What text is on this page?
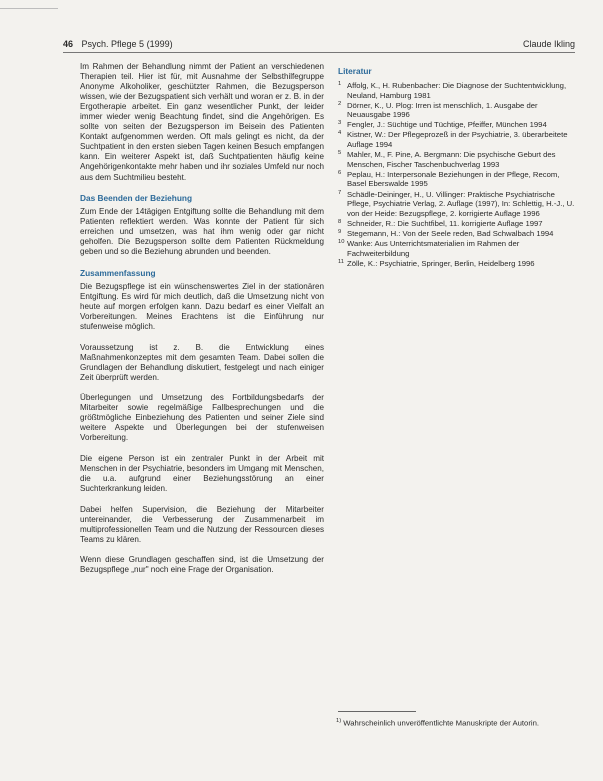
46 Psych. Pflege 5 (1999)	Claude Ikling

Im Rahmen der Behandlung nimmt der Patient an verschiedenen Therapien teil. Hier ist für, mit Ausnahme der Selbsthilfegruppe Anonyme Alkoholiker, geschützter Rahmen, die Bezugsperson wissen, wie der Bezugspatient sich verhält und woran er z. B. in der Ergotherapie arbeitet. Ein ganz wesentlicher Punkt, der leider immer wieder wenig Beachtung findet, sind die Angehörigen. Es sollte von seiten der Bezugsperson im Beisein des Patienten Kontakt aufgenommen werden. Oft mals gelingt es nicht, da der Suchtpatient in den ersten sieben Tagen keinen Besuch empfangen kann. Ein weiterer Aspekt ist, daß Suchtpatienten häufig keine Angehörigenkontakte mehr haben und ihr soziales Umfeld nur noch aus dem Suchtmilieu besteht.

Das Beenden der Beziehung

Zum Ende der 14tägigen Entgiftung sollte die Behandlung mit dem Patienten reflektiert werden. Was konnte der Patient für sich erreichen und umsetzen, was hat ihm wenig oder gar nicht geholfen. Die Bezugsperson sollte dem Patienten Rückmeldung geben und so die Beziehung abrunden und beenden.

Zusammenfassung

Die Bezugspflege ist ein wünschenswertes Ziel in der stationären Entgiftung. Es wird für mich deutlich, daß die Umsetzung nicht von heute auf morgen erfolgen kann. Dazu bedarf es einer Vielfalt an Vorbereitungen. Meines Erachtens ist die Einführung nur stufenweise möglich.

Voraussetzung ist z. B. die Entwicklung eines Maßnahmenkonzeptes mit dem gesamten Team. Dabei sollen die Grundlagen der Behandlung diskutiert, festgelegt und nach einiger Zeit überprüft werden.

Überlegungen und Umsetzung des Fortbildungsbedarfs der Mitarbeiter sowie regelmäßige Fallbesprechungen und die größtmögliche Einbeziehung des Patienten und seiner Ziele sind weitere Aspekte und Überlegungen bei der stufenweisen Vorbereitung.

Die eigene Person ist ein zentraler Punkt in der Arbeit mit Menschen in der Psychiatrie, besonders im Umgang mit Menschen, die u.a. aufgrund einer Beziehungsstörung an einer Suchterkrankung leiden.

Dabei helfen Supervision, die Beziehung der Mitarbeiter untereinander, die Verbesserung der Zusammenarbeit im multiprofessionellen Team und die Nutzung der Ressourcen dieses Teams zu klären.

Wenn diese Grundlagen geschaffen sind, ist die Umsetzung der Bezugspflege „nur" noch eine Frage der Organisation.

Literatur
1 Affolg, K., H. Rubenbacher: Die Diagnose der Suchtentwicklung, Neuland, Hamburg 1981
2 Dörner, K., U. Plog: Irren ist menschlich, 1. Ausgabe der Neuausgabe 1996
3 Fengler, J.: Süchtige und Tüchtige, Pfeiffer, München 1994
4 Kistner, W.: Der Pflegeprozeß in der Psychiatrie, 3. überarbeitete Auflage 1994
5 Mahler, M., F. Pine, A. Bergmann: Die psychische Geburt des Menschen, Fischer Taschenbuchverlag 1993
6 Peplau, H.: Interpersonale Beziehungen in der Pflege, Recom, Basel Eberswalde 1995
7 Schädle-Deininger, H., U. Villinger: Praktische Psychiatrische Pflege, Psychiatrie Verlag, 2. Auflage (1997), In: Schlettig, H.-J., U. von der Heide: Bezugspflege, 2. korrigierte Auflage 1996
8 Schneider, R.: Die Suchtfibel, 11. korrigierte Auflage 1997
9 Stegemann, H.: Von der Seele reden, Bad Schwalbach 1994
10 Wanke: Aus Unterrichtsmaterialien im Rahmen der Fachweiterbildung
11 Zölle, K.: Psychiatrie, Springer, Berlin, Heidelberg 1996
$^{1)}$ Wahrscheinlich unveröffentlichte Manuskripte der Autorin.
